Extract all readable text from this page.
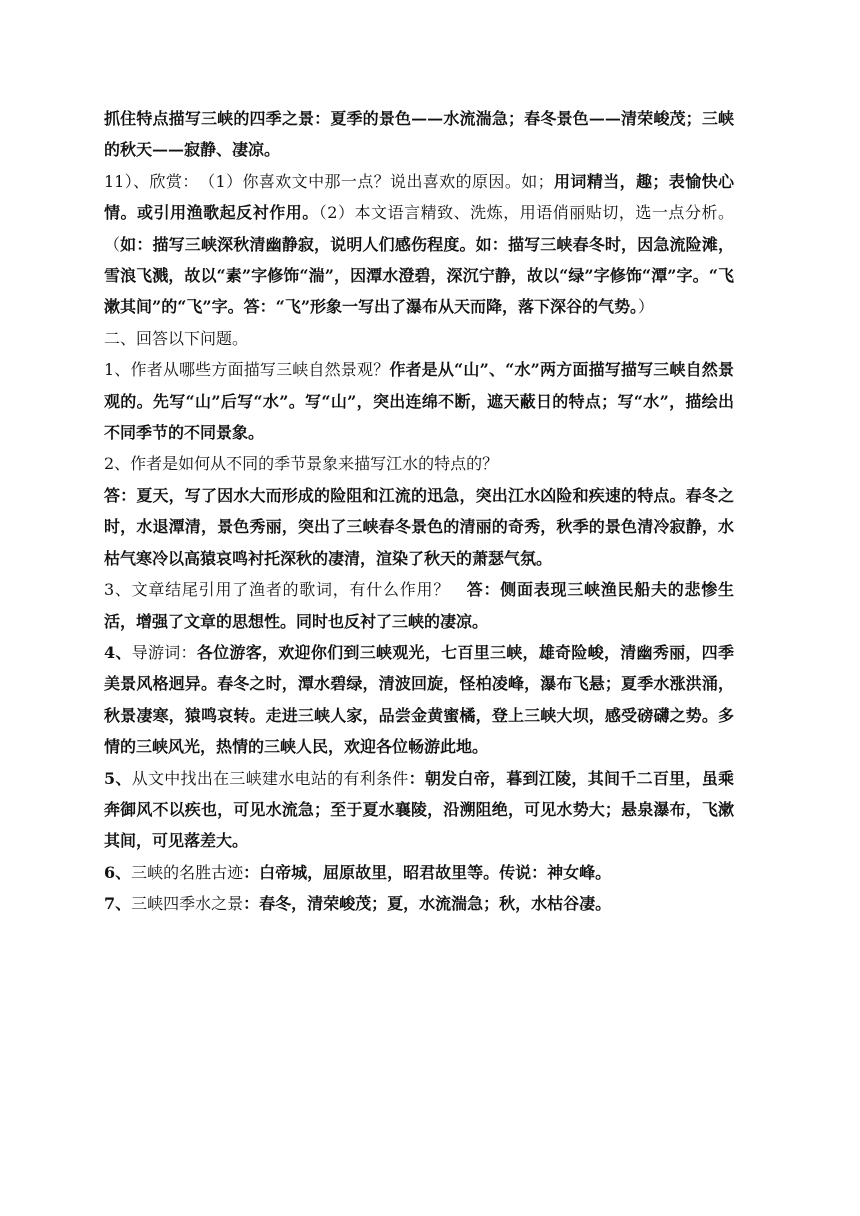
抓住特点描写三峡的四季之景：夏季的景色——水流湍急；春冬景色——清荣峻茂；三峡的秋天——寂静、凄凉。

11）、欣赏：　（1）你喜欢文中那一点？说出喜欢的原因。如；用词精当，趣；表愉快心情。或引用渔歌起反衬作用。（2）本文语言精致、洗炼，用语俏丽贴切，选一点分析。（如：描写三峡深秋清幽静寂，说明人们感伤程度。如：描写三峡春冬时，因急流险滩，雪浪飞溅，故以“素”字修饰“湍”，因潭水澄碧，深沉宁静，故以“绿”字修饰“潭”字。“飞漱其间”的“飞”字。答：“飞”形象一写出了瀑布从天而降，落下深谷的气势。）

二、回答以下问题。

1、作者从哪些方面描写三峡自然景观？作者是从“山”、“水”两方面描写描写三峡自然景观的。先写“山”后写“水”。写“山”，突出连绵不断，遮天蔽日的特点；写“水”，描绘出不同季节的不同景象。

2、作者是如何从不同的季节景象来描写江水的特点的？

答：夏天，写了因水大而形成的险阻和江流的迅急，突出江水凶险和疾速的特点。春冬之时，水退潭清，景色秀丽，突出了三峡春冬景色的清丽的奇秀，秋季的景色清冷寂静，水枯气寒冷以高猿哀鸣衬托深秋的凄清，渲染了秋天的萧瑟气氛。

3、文章结尾引用了渔者的歌词，有什么作用？　答：侧面表现三峡渔民船夫的悲惨生活，增强了文章的思想性。同时也反衬了三峡的凄凉。

4、导游词：各位游客，欢迎你们到三峡观光，七百里三峡，雄奇险峻，清幽秀丽，四季美景风格迥异。春冬之时，潭水碧绿，清波回旋，怪柏凌峰，瀑布飞悬；夏季水涨洪涌，秋景凄寒，猿鸣哀转。走进三峡人家，品尝金黄蜜橘，登上三峡大坝，感受磅礴之势。多情的三峡风光，热情的三峡人民，欢迎各位畅游此地。

5、从文中找出在三峡建水电站的有利条件：朝发白帝，暮到江陵，其间千二百里，虽乘奔御风不以疾也，可见水流急；至于夏水襄陵，沿溯阻绝，可见水势大；悬泉瀑布，飞漱其间，可见落差大。

6、三峡的名胜古迹：白帝城，屈原故里，昭君故里等。传说：神女峰。

7、三峡四季水之景：春冬，清荣峻茂；夏，水流湍急；秋，水枯谷凄。
